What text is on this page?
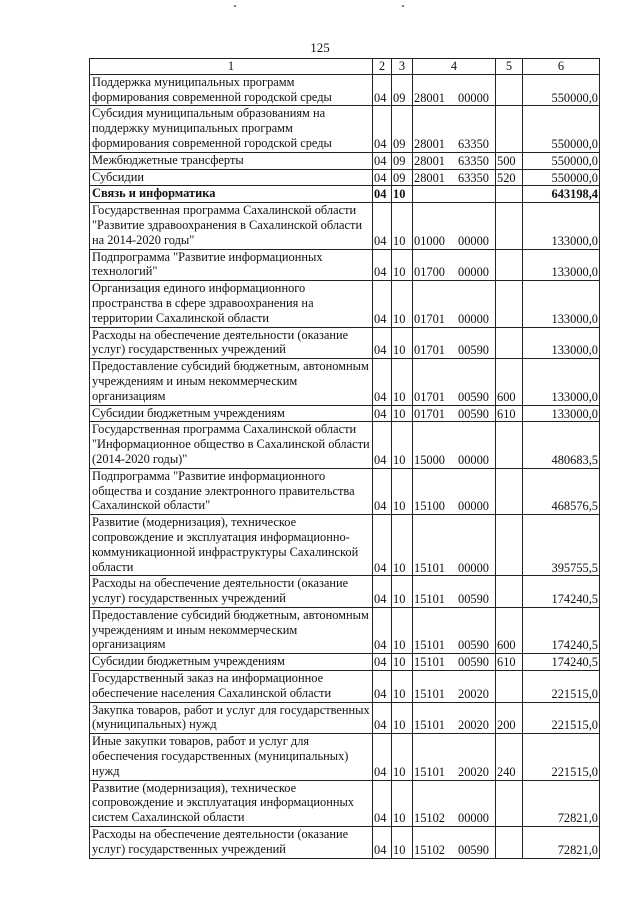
125
1	2	3	4	5	6
Поддержка муниципальных программ формирования современной городской среды	04	09	28001 00000		550000,0
Субсидия муниципальным образованиям на поддержку муниципальных программ формирования современной городской среды	04	09	28001 63350		550000,0
Межбюджетные трансферты	04	09	28001 63350	500	550000,0
Субсидии	04	09	28001 63350	520	550000,0
Связь и информатика	04	10			643198,4
Государственная программа Сахалинской области "Развитие здравоохранения в Сахалинской области на 2014-2020 годы"	04	10	01000 00000		133000,0
Подпрограмма "Развитие информационных технологий"	04	10	01700 00000		133000,0
Организация единого информационного пространства в сфере здравоохранения на территории Сахалинской области	04	10	01701 00000		133000,0
Расходы на обеспечение деятельности (оказание услуг) государственных учреждений	04	10	01701 00590		133000,0
Предоставление субсидий бюджетным, автономным учреждениям и иным некоммерческим организациям	04	10	01701 00590	600	133000,0
Субсидии бюджетным учреждениям	04	10	01701 00590	610	133000,0
Государственная программа Сахалинской области "Информационное общество в Сахалинской области (2014-2020 годы)"	04	10	15000 00000		480683,5
Подпрограмма "Развитие информационного общества и создание электронного правительства Сахалинской области"	04	10	15100 00000		468576,5
Развитие (модернизация), техническое сопровождение и эксплуатация информационно-коммуникационной инфраструктуры Сахалинской области	04	10	15101 00000		395755,5
Расходы на обеспечение деятельности (оказание услуг) государственных учреждений	04	10	15101 00590		174240,5
Предоставление субсидий бюджетным, автономным учреждениям и иным некоммерческим организациям	04	10	15101 00590	600	174240,5
Субсидии бюджетным учреждениям	04	10	15101 00590	610	174240,5
Государственный заказ на информационное обеспечение населения Сахалинской области	04	10	15101 20020		221515,0
Закупка товаров, работ и услуг для государственных (муниципальных) нужд	04	10	15101 20020	200	221515,0
Иные закупки товаров, работ и услуг для обеспечения государственных (муниципальных) нужд	04	10	15101 20020	240	221515,0
Развитие (модернизация), техническое сопровождение и эксплуатация информационных систем Сахалинской области	04	10	15102 00000		72821,0
Расходы на обеспечение деятельности (оказание услуг) государственных учреждений	04	10	15102 00590		72821,0
